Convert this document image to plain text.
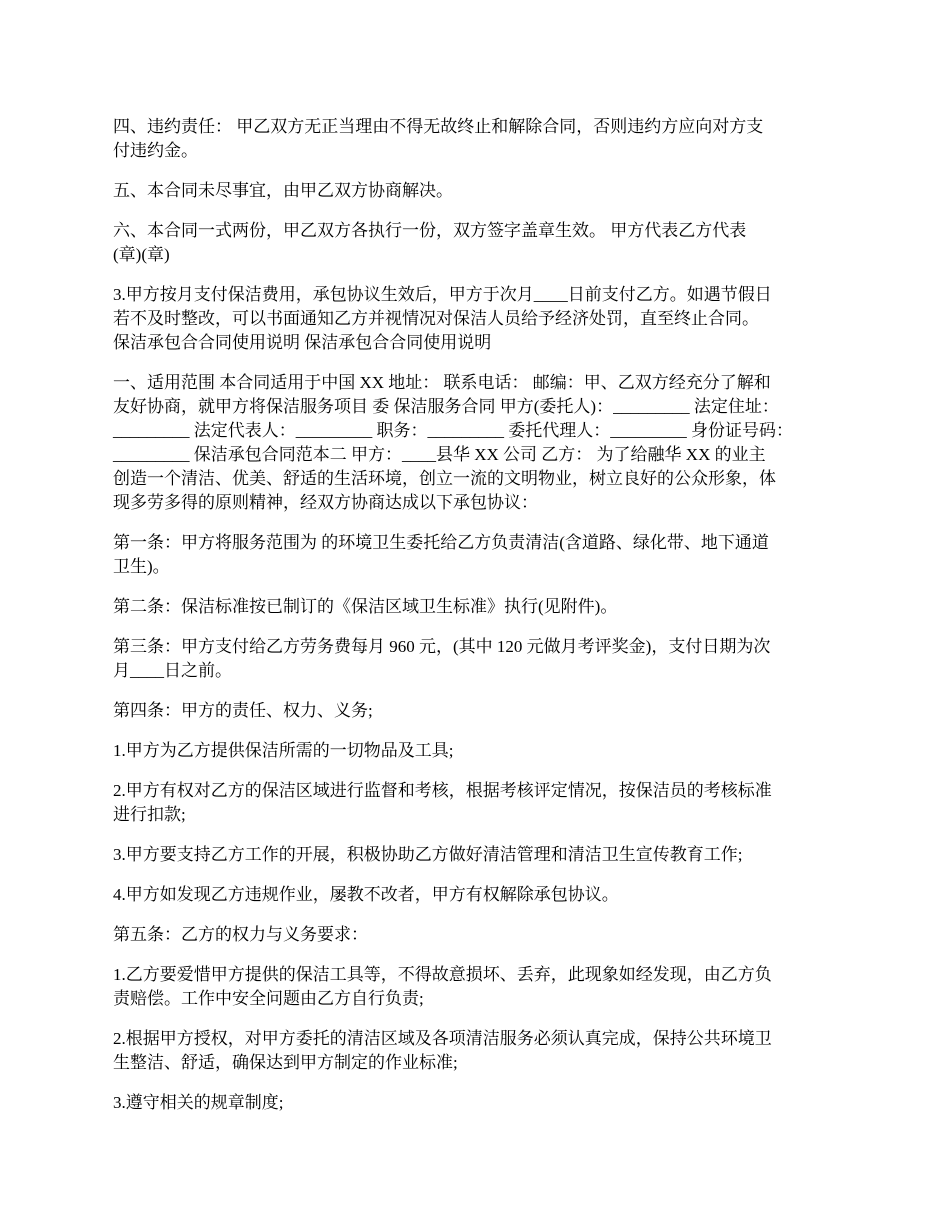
四、违约责任： 甲乙双方无正当理由不得无故终止和解除合同，否则违约方应向对方支
付违约金。
五、本合同未尽事宜，由甲乙双方协商解决。
六、本合同一式两份，甲乙双方各执行一份，双方签字盖章生效。 甲方代表乙方代表
(章)(章)
3.甲方按月支付保洁费用，承包协议生效后，甲方于次月____日前支付乙方。如遇节假日
若不及时整改，可以书面通知乙方并视情况对保洁人员给予经济处罚，直至终止合同。
保洁承包合合同使用说明 保洁承包合合同使用说明
一、适用范围 本合同适用于中国 XX 地址： 联系电话： 邮编：甲、乙双方经充分了解和
友好协商，就甲方将保洁服务项目 委 保洁服务合同 甲方(委托人)：_________ 法定住址：
_________ 法定代表人：_________ 职务：_________ 委托代理人：_________ 身份证号码：
_________ 保洁承包合同范本二 甲方：____县华 XX 公司 乙方： 为了给融华 XX 的业主
创造一个清洁、优美、舒适的生活环境，创立一流的文明物业，树立良好的公众形象，体
现多劳多得的原则精神，经双方协商达成以下承包协议：
第一条：甲方将服务范围为 的环境卫生委托给乙方负责清洁(含道路、绿化带、地下通道
卫生)。
第二条：保洁标准按已制订的《保洁区域卫生标准》执行(见附件)。
第三条：甲方支付给乙方劳务费每月 960 元，(其中 120 元做月考评奖金)，支付日期为次
月____日之前。
第四条：甲方的责任、权力、义务;
1.甲方为乙方提供保洁所需的一切物品及工具;
2.甲方有权对乙方的保洁区域进行监督和考核，根据考核评定情况，按保洁员的考核标准
进行扣款;
3.甲方要支持乙方工作的开展，积极协助乙方做好清洁管理和清洁卫生宣传教育工作;
4.甲方如发现乙方违规作业，屡教不改者，甲方有权解除承包协议。
第五条：乙方的权力与义务要求：
1.乙方要爱惜甲方提供的保洁工具等，不得故意损坏、丢弃，此现象如经发现，由乙方负
责赔偿。工作中安全问题由乙方自行负责;
2.根据甲方授权，对甲方委托的清洁区域及各项清洁服务必须认真完成，保持公共环境卫
生整洁、舒适，确保达到甲方制定的作业标准;
3.遵守相关的规章制度;
